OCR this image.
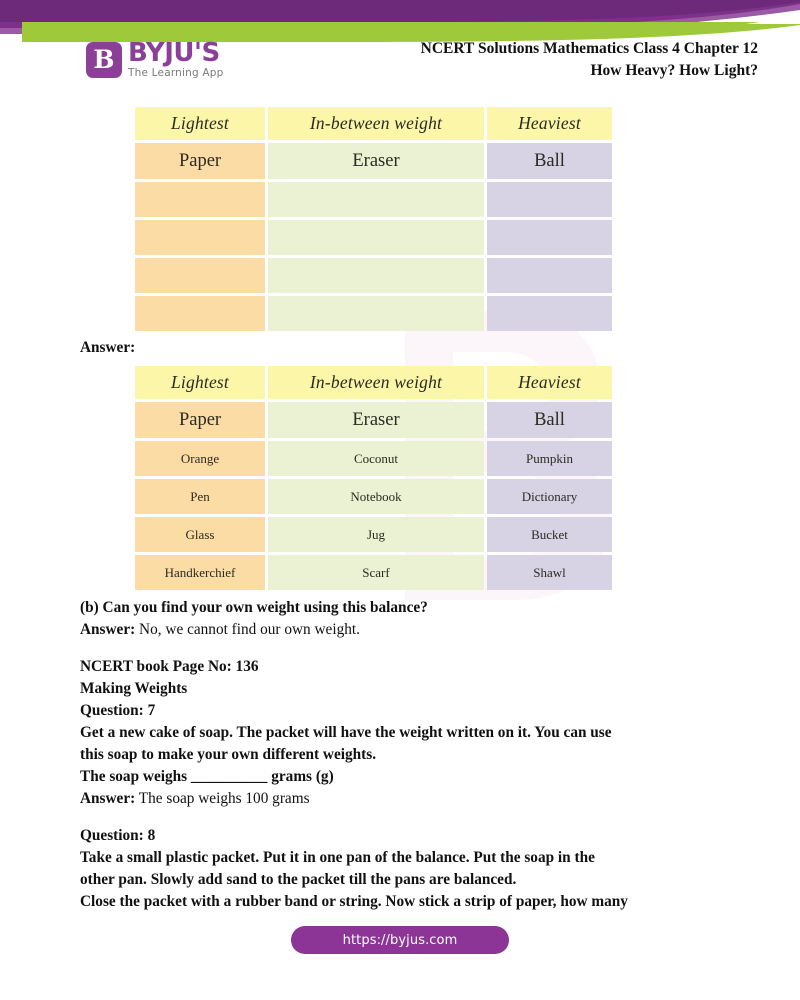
B BYJU'S
The Learning App
NCERT Solutions Mathematics Class 4 Chapter 12
How Heavy? How Light?
Lightest	In-between weight	Heaviest
Paper	Eraser	Ball

Answer:

Lightest	In-between weight	Heaviest
Paper	Eraser	Ball
Orange	Coconut	Pumpkin
Pen	Notebook	Dictionary
Glass	Jug	Bucket
Handkerchief	Scarf	Shawl

(b) Can you find your own weight using this balance?

Answer: No, we cannot find our own weight.

NCERT book Page No: 136

Making Weights

Question: 7

Get a new cake of soap. The packet will have the weight written on it. You can use

this soap to make your own different weights.

The soap weighs __________ grams (g)

Answer: The soap weighs 100 grams

Question: 8

Take a small plastic packet. Put it in one pan of the balance. Put the soap in the

other pan. Slowly add sand to the packet till the pans are balanced.

Close the packet with a rubber band or string. Now stick a strip of paper, how many

https://byjus.com
